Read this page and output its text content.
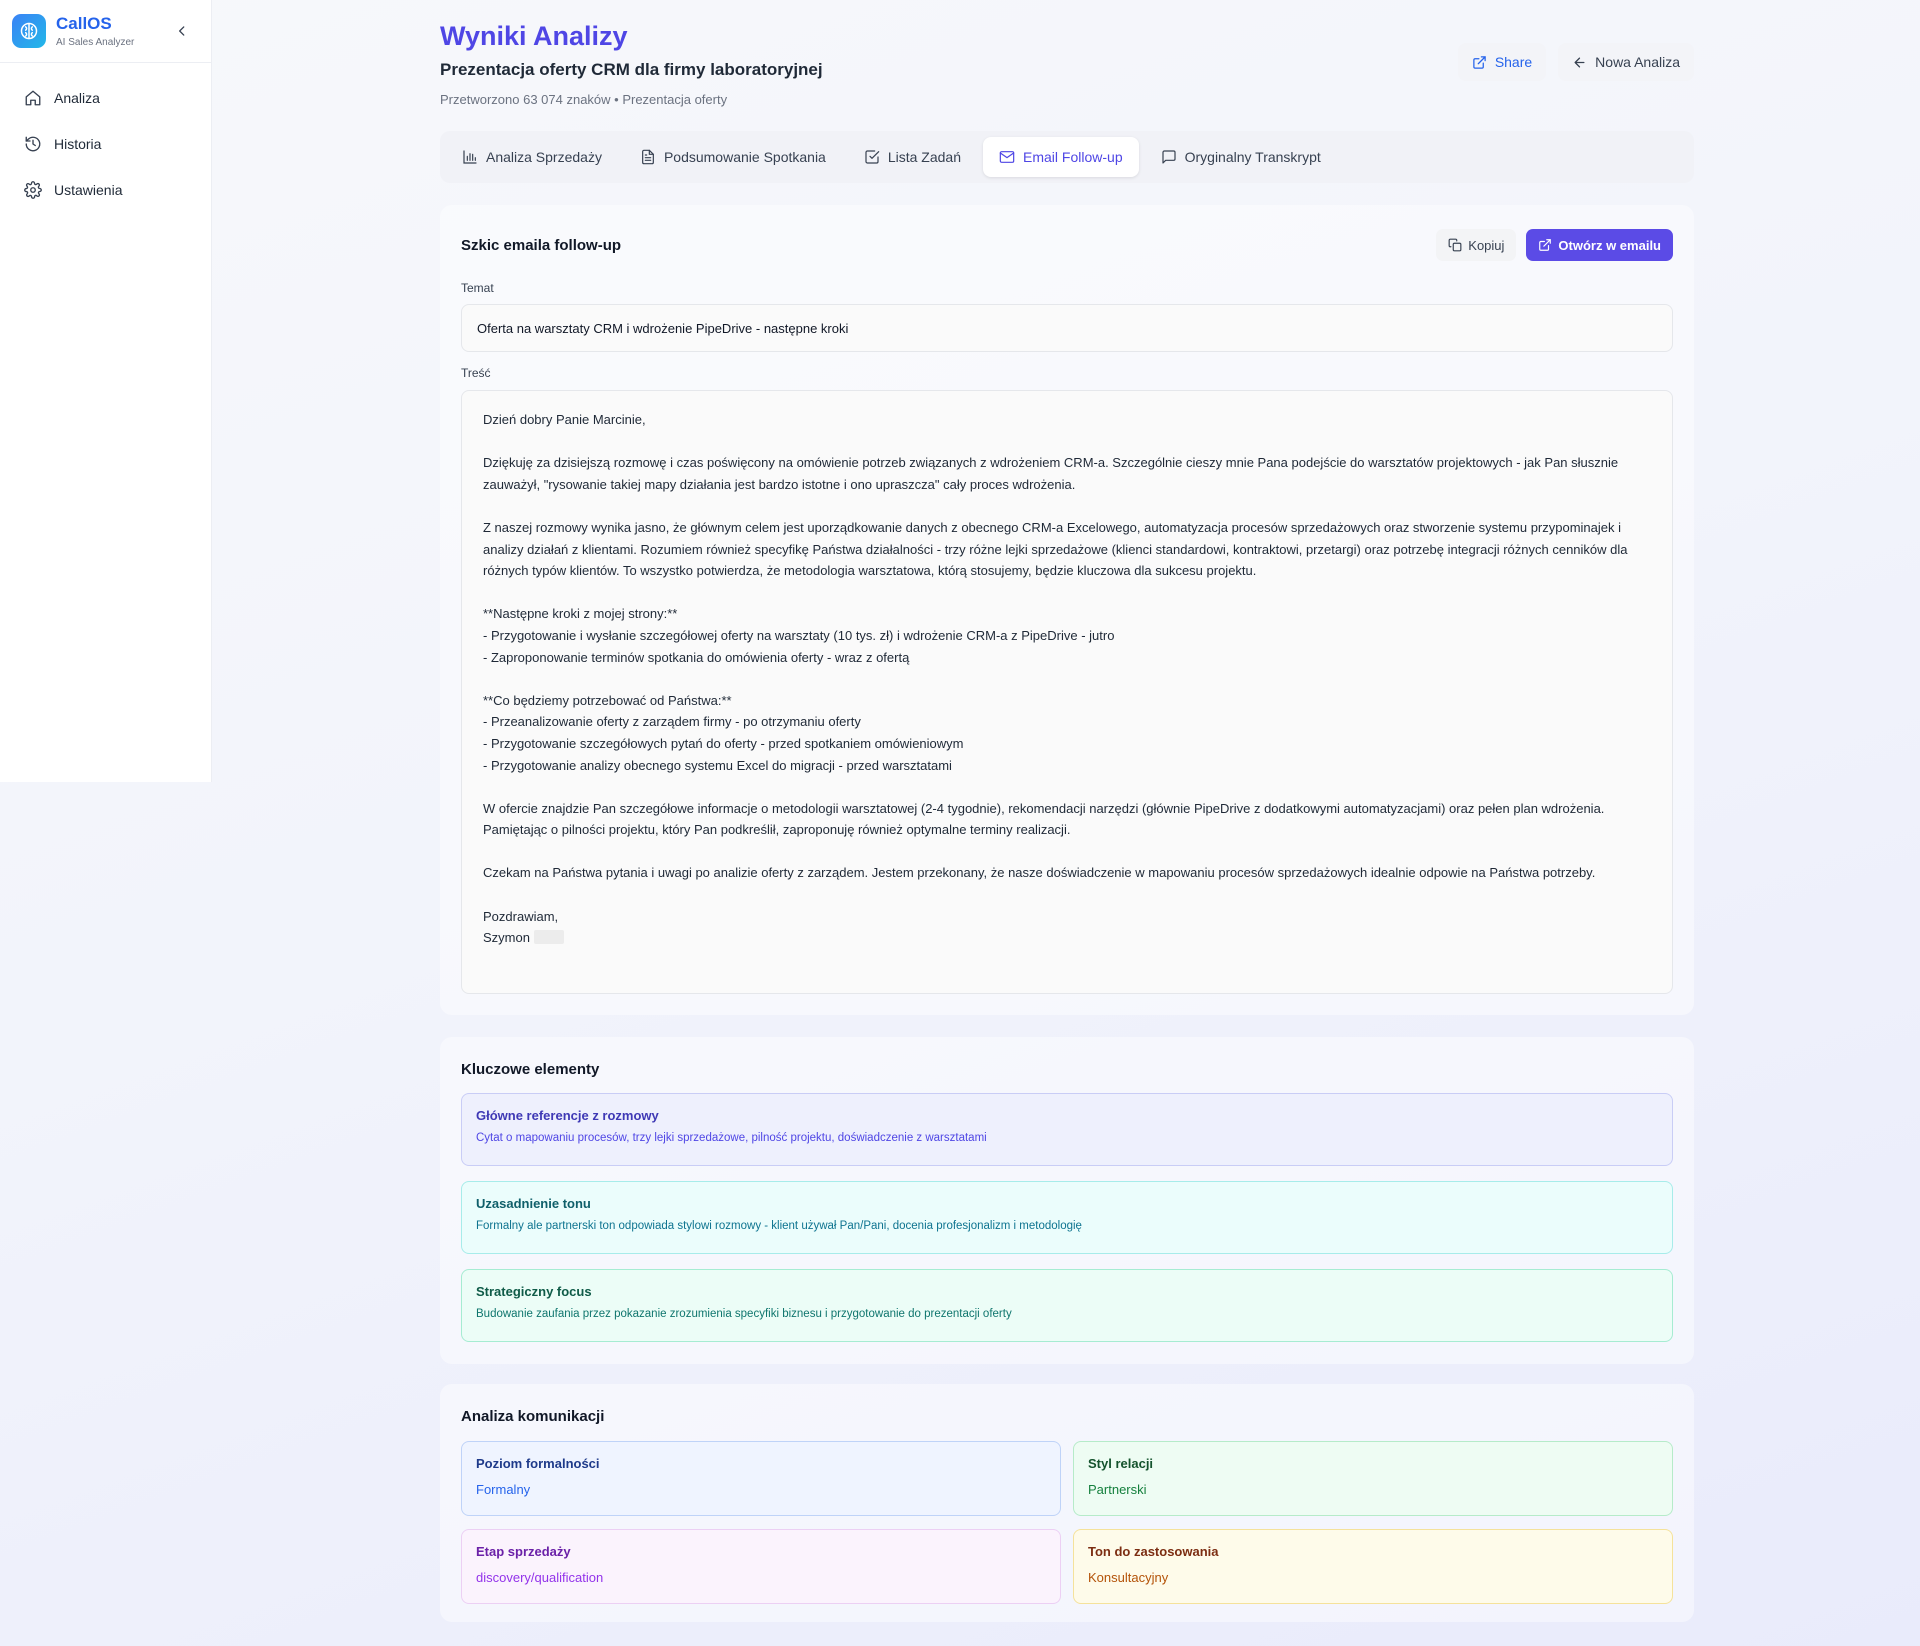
CallOS
AI Sales Analyzer
Analiza
Historia
Ustawienia
Wyniki Analizy
Prezentacja oferty CRM dla firmy laboratoryjnej
Przetworzono 63 074 znaków • Prezentacja oferty
Share	Nowa Analiza
Analiza Sprzedaży	Podsumowanie Spotkania	Lista Zadań	Email Follow-up	Oryginalny Transkrypt
Szkic emaila follow-up	Kopiuj	Otwórz w emailu
Temat
Oferta na warsztaty CRM i wdrożenie PipeDrive - następne kroki
Treść
Dzień dobry Panie Marcinie,

Dziękuję za dzisiejszą rozmowę i czas poświęcony na omówienie potrzeb związanych z wdrożeniem CRM-a. Szczególnie cieszy mnie Pana podejście do warsztatów projektowych - jak Pan słusznie zauważył, "rysowanie takiej mapy działania jest bardzo istotne i ono upraszcza" cały proces wdrożenia.

Z naszej rozmowy wynika jasno, że głównym celem jest uporządkowanie danych z obecnego CRM-a Excelowego, automatyzacja procesów sprzedażowych oraz stworzenie systemu przypominajek i analizy działań z klientami. Rozumiem również specyfikę Państwa działalności - trzy różne lejki sprzedażowe (klienci standardowi, kontraktowi, przetargi) oraz potrzebę integracji różnych cenników dla różnych typów klientów. To wszystko potwierdza, że metodologia warsztatowa, którą stosujemy, będzie kluczowa dla sukcesu projektu.

**Następne kroki z mojej strony:**
- Przygotowanie i wysłanie szczegółowej oferty na warsztaty (10 tys. zł) i wdrożenie CRM-a z PipeDrive - jutro
- Zaproponowanie terminów spotkania do omówienia oferty - wraz z ofertą

**Co będziemy potrzebować od Państwa:**
- Przeanalizowanie oferty z zarządem firmy - po otrzymaniu oferty
- Przygotowanie szczegółowych pytań do oferty - przed spotkaniem omówieniowym
- Przygotowanie analizy obecnego systemu Excel do migracji - przed warsztatami

W ofercie znajdzie Pan szczegółowe informacje o metodologii warsztatowej (2-4 tygodnie), rekomendacji narzędzi (głównie PipeDrive z dodatkowymi automatyzacjami) oraz pełen plan wdrożenia. Pamiętając o pilności projektu, który Pan podkreślił, zaproponuję również optymalne terminy realizacji.

Czekam na Państwa pytania i uwagi po analizie oferty z zarządem. Jestem przekonany, że nasze doświadczenie w mapowaniu procesów sprzedażowych idealnie odpowie na Państwa potrzeby.

Pozdrawiam,
Szymon
Kluczowe elementy
Główne referencje z rozmowy
Cytat o mapowaniu procesów, trzy lejki sprzedażowe, pilność projektu, doświadczenie z warsztatami
Uzasadnienie tonu
Formalny ale partnerski ton odpowiada stylowi rozmowy - klient używał Pan/Pani, docenia profesjonalizm i metodologię
Strategiczny focus
Budowanie zaufania przez pokazanie zrozumienia specyfiki biznesu i przygotowanie do prezentacji oferty
Analiza komunikacji
Poziom formalności
Formalny
Styl relacji
Partnerski
Etap sprzedaży
discovery/qualification
Ton do zastosowania
Konsultacyjny
